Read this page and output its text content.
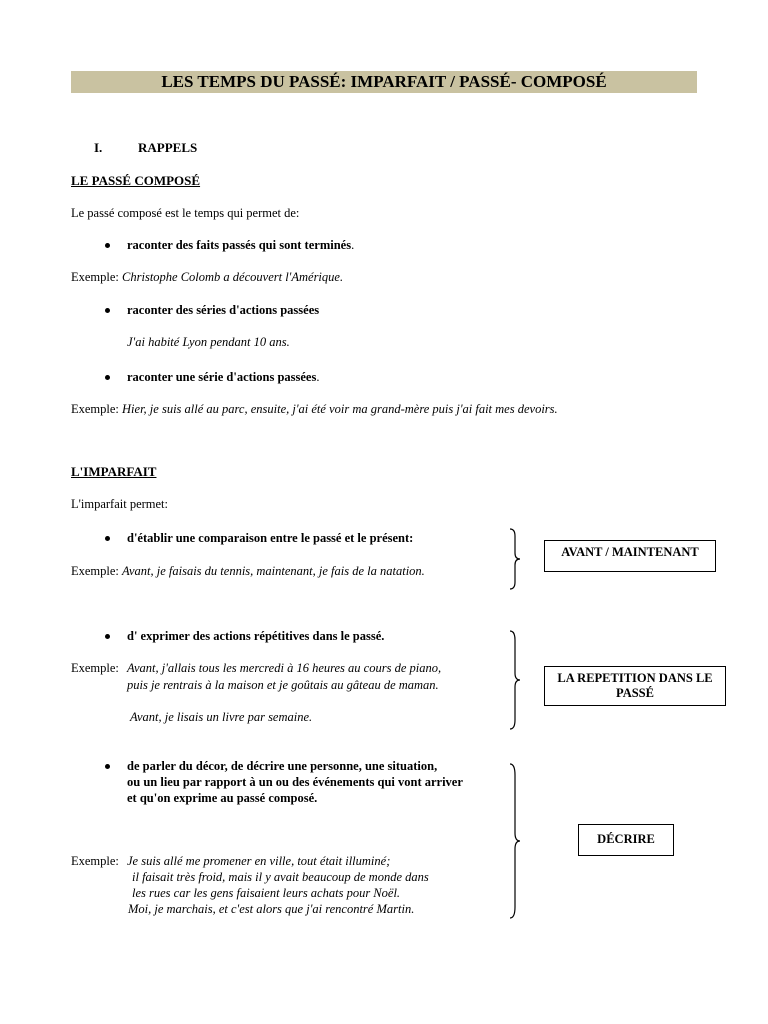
LES TEMPS DU PASSÉ: IMPARFAIT / PASSÉ- COMPOSÉ
I.	RAPPELS
LE PASSÉ COMPOSÉ
Le passé composé est le temps qui permet de:
raconter des faits passés qui sont terminés.
Exemple: Christophe Colomb a découvert l'Amérique.
raconter des séries d'actions passées
J'ai habité Lyon pendant 10 ans.
raconter une série d'actions passées.
Exemple: Hier, je suis allé au parc, ensuite, j'ai été voir ma grand-mère puis j'ai fait mes devoirs.
L'IMPARFAIT
L'imparfait permet:
d'établir une comparaison entre le passé et le présent:
Exemple: Avant, je faisais du tennis, maintenant, je fais de la natation.
AVANT / MAINTENANT
d' exprimer des actions répétitives dans le passé.
Exemple: Avant, j'allais tous les mercredi à 16 heures au cours de piano,
puis je rentrais à la maison et je goûtais au gâteau de maman.
Avant, je lisais un livre par semaine.
LA REPETITION DANS LE PASSÉ
de parler du décor, de décrire une personne, une situation,
ou un lieu par rapport à un ou des événements qui vont arriver
et qu'on exprime au passé composé.
Exemple: Je suis allé me promener en ville, tout était illuminé;
il faisait très froid, mais il y avait beaucoup de monde dans
les rues car les gens faisaient leurs achats pour Noël.
Moi, je marchais, et c'est alors que j'ai rencontré Martin.
DÉCRIRE
